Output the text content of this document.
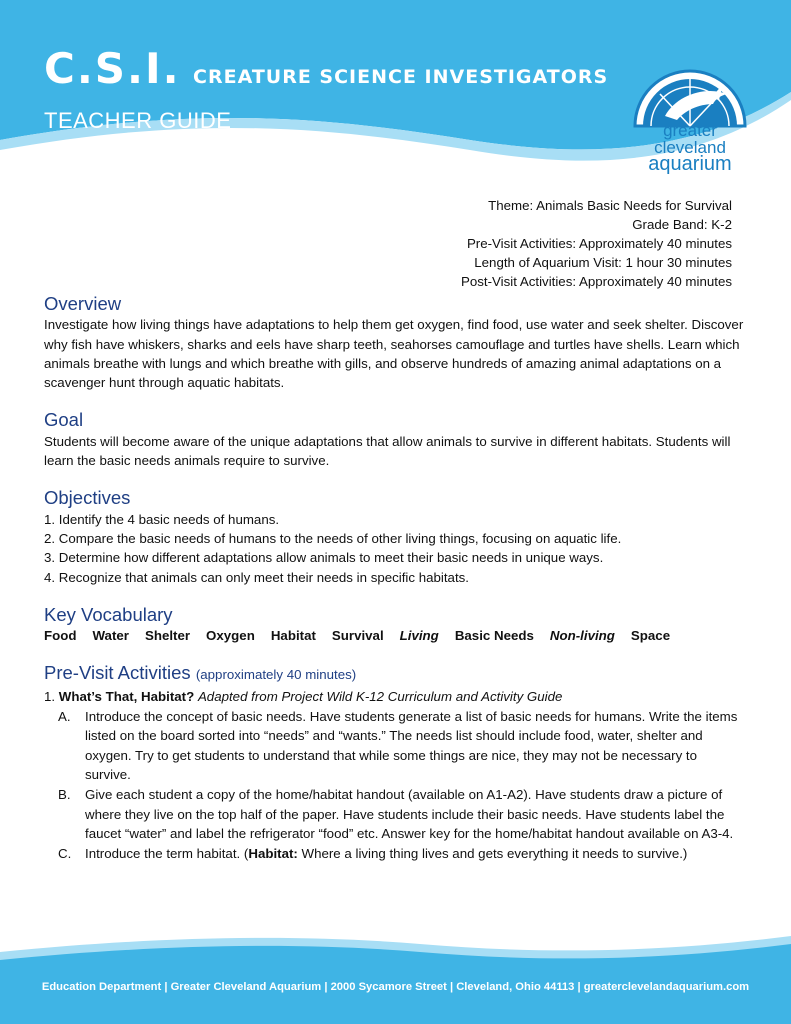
C.S.I. CREATURE SCIENCE INVESTIGATORS
TEACHER GUIDE	greater
cleveland
aquarium
Theme: Animals Basic Needs for Survival
Grade Band: K-2
Pre-Visit Activities: Approximately 40 minutes
Length of Aquarium Visit: 1 hour 30 minutes
Post-Visit Activities: Approximately 40 minutes
Overview

Investigate how living things have adaptations to help them get oxygen, find food, use water and seek shelter. Discover why fish have whiskers, sharks and eels have sharp teeth, seahorses camouflage and turtles have shells. Learn which animals breathe with lungs and which breathe with gills, and observe hundreds of amazing animal adaptations on a scavenger hunt through aquatic habitats.

Goal

Students will become aware of the unique adaptations that allow animals to survive in different habitats. Students will learn the basic needs animals require to survive.

Objectives
1. Identify the 4 basic needs of humans.
2. Compare the basic needs of humans to the needs of other living things, focusing on aquatic life.
3. Determine how different adaptations allow animals to meet their basic needs in unique ways.
4. Recognize that animals can only meet their needs in specific habitats.
Key Vocabulary
Food Water Shelter Oxygen Habitat Survival Living Basic Needs Non-living Space
Pre-Visit Activities (approximately 40 minutes)
1. What’s That, Habitat? Adapted from Project Wild K-12 Curriculum and Activity Guide
A. Introduce the concept of basic needs. Have students generate a list of basic needs for humans. Write the items listed on the board sorted into “needs” and “wants.” The needs list should include food, water, shelter and oxygen. Try to get students to understand that while some things are nice, they may not be necessary to survive.
B. Give each student a copy of the home/habitat handout (available on A1-A2). Have students draw a picture of where they live on the top half of the paper. Have students include their basic needs. Have students label the faucet “water” and label the refrigerator “food” etc. Answer key for the home/habitat handout available on A3-4.
C. Introduce the term habitat. (Habitat: Where a living thing lives and gets everything it needs to survive.)
Education Department | Greater Cleveland Aquarium | 2000 Sycamore Street | Cleveland, Ohio 44113 | greaterclevelandaquarium.com
